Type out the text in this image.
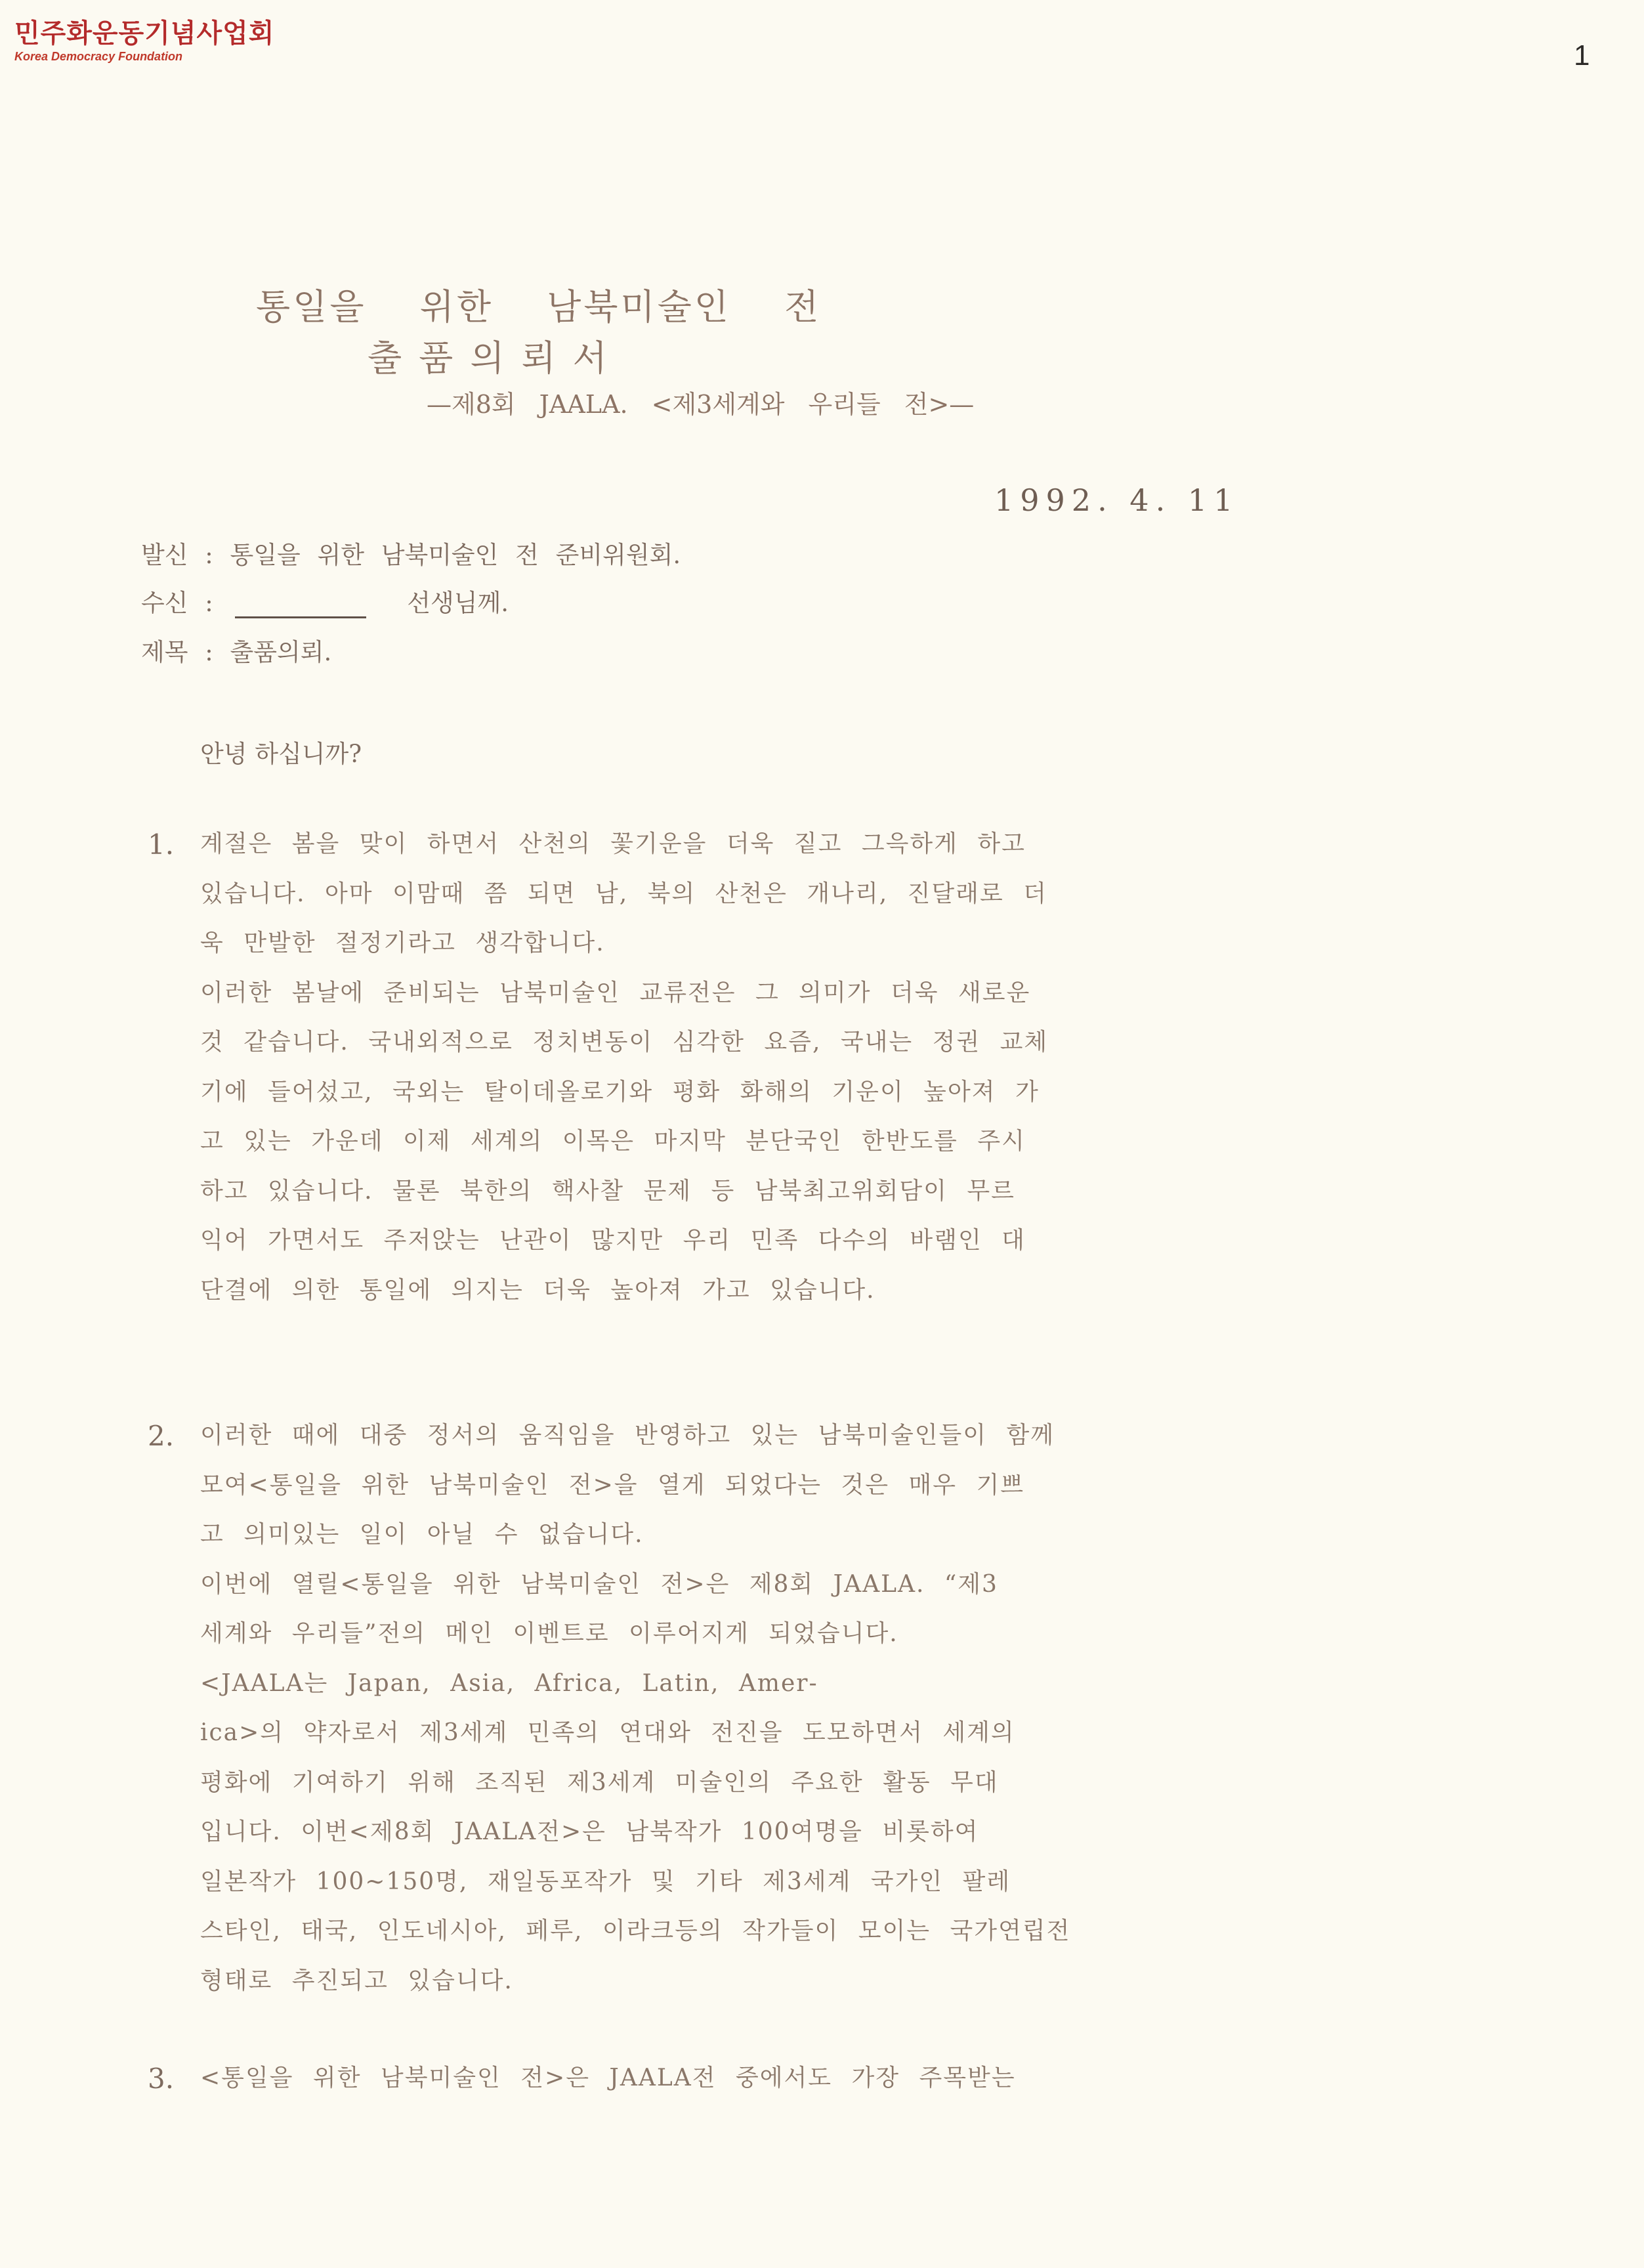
민주화운동기념사업회
Korea Democracy Foundation	1
통일을 위한 남북미술인 전
출품의뢰서
—제8회 JAALA. <제3세계와 우리들 전>—
1992. 4. 11
발신 : 통일을 위한 남북미술인 전 준비위원회.
수신 :	선생님께.
제목 : 출품의뢰.
안녕 하십니까?
1. 계절은 봄을 맞이 하면서 산천의 꽃기운을 더욱 짙고 그윽하게 하고
있습니다. 아마 이맘때 쯤 되면 남, 북의 산천은 개나리, 진달래로 더
욱 만발한 절정기라고 생각합니다.
이러한 봄날에 준비되는 남북미술인 교류전은 그 의미가 더욱 새로운
것 같습니다. 국내외적으로 정치변동이 심각한 요즘, 국내는 정권 교체
기에 들어섰고, 국외는 탈이데올로기와 평화 화해의 기운이 높아져 가
고 있는 가운데 이제 세계의 이목은 마지막 분단국인 한반도를 주시
하고 있습니다. 물론 북한의 핵사찰 문제 등 남북최고위회담이 무르
익어 가면서도 주저앉는 난관이 많지만 우리 민족 다수의 바램인 대
단결에 의한 통일에 의지는 더욱 높아져 가고 있습니다.
2. 이러한 때에 대중 정서의 움직임을 반영하고 있는 남북미술인들이 함께
모여<통일을 위한 남북미술인 전>을 열게 되었다는 것은 매우 기쁘
고 의미있는 일이 아닐 수 없습니다.
이번에 열릴<통일을 위한 남북미술인 전>은 제8회 JAALA. “제3
세계와 우리들”전의 메인 이벤트로 이루어지게 되었습니다.
<JAALA는 Japan, Asia, Africa, Latin, Amer-
ica>의 약자로서 제3세계 민족의 연대와 전진을 도모하면서 세계의
평화에 기여하기 위해 조직된 제3세계 미술인의 주요한 활동 무대
입니다. 이번<제8회 JAALA전>은 남북작가 100여명을 비롯하여
일본작가 100~150명, 재일동포작가 및 기타 제3세계 국가인 팔레
스타인, 태국, 인도네시아, 페루, 이라크등의 작가들이 모이는 국가연립전
형태로 추진되고 있습니다.
3. <통일을 위한 남북미술인 전>은 JAALA전 중에서도 가장 주목받는
